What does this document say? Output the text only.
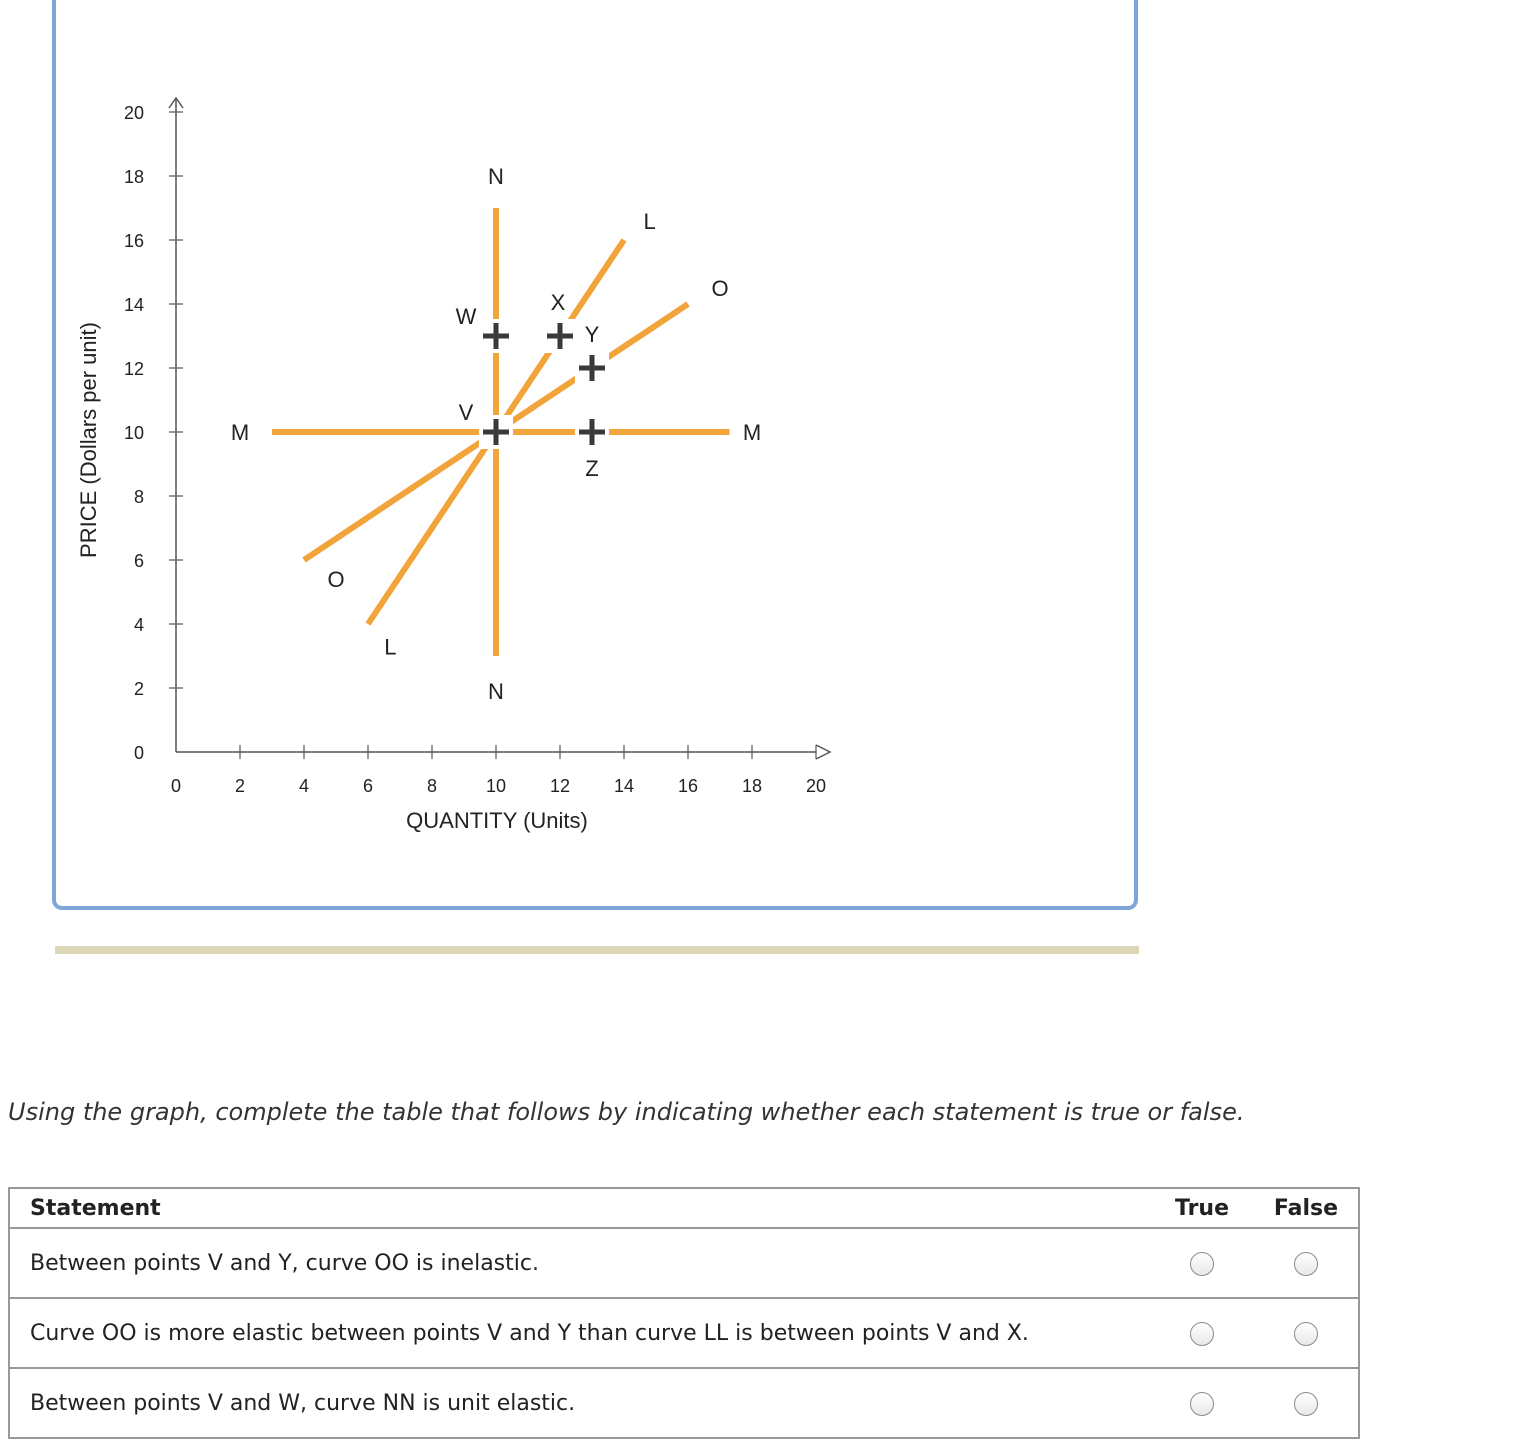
0	2	4	6	8	10 12 14 16 18 20
0
2
4
6
8
10
12
14
16
18
20
M	M
N
N
L
L
O
O
V
W
X
Y
Z
QUANTITY (Units)
PRICE (Dollars per unit)

Using the graph, complete the table that follows by indicating whether each statement is true or false.

Statement	True	False
Between points V and Y, curve OO is inelastic.		
Curve OO is more elastic between points V and Y than curve LL is between points V and X.		
Between points V and W, curve NN is unit elastic.		
